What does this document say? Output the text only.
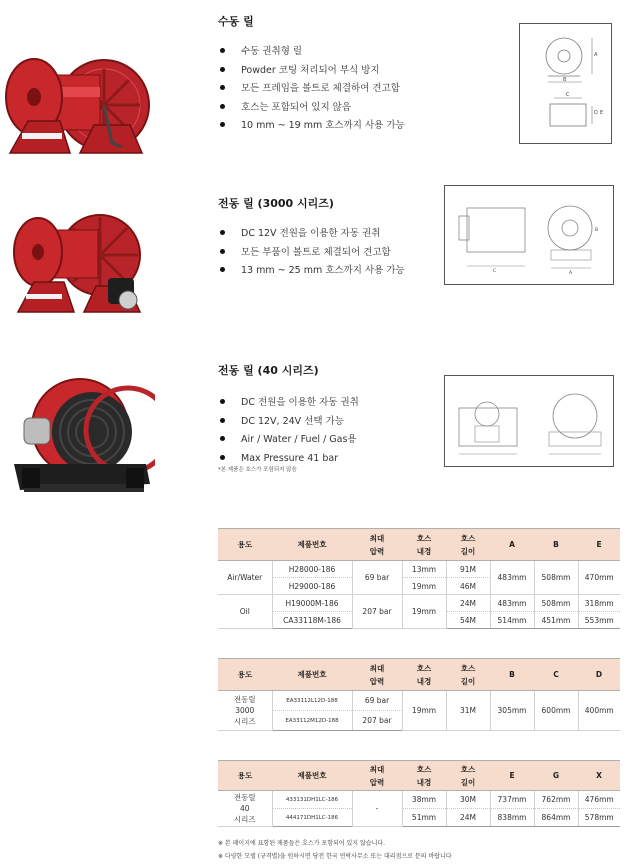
수동 릴
수동 권취형 릴
Powder 코팅 처리되어 부식 방지
모든 프레임을 볼트로 체결하여 견고함
호스는 포함되어 있지 않음
10 mm ~ 19 mm 호스까지 사용 가능
A
B
C
D E
전동 릴 (3000 시리즈)
DC 12V 전원을 이용한 자동 권취
모든 부품이 볼트로 체결되어 견고함
13 mm ~ 25 mm 호스까지 사용 가능	C
B
A
전동 릴 (40 시리즈)
DC 전원을 이용한 자동 권취
DC 12V, 24V 선택 가능
Air / Water / Fuel / Gas용
Max Pressure 41 bar
*본 제품은 호스가 포함되지 않음
용도	제품번호	최대
압력	호스
내경	호스
길이	A	B	E
Air/Water	H28000-186	69 bar	13mm	91M	483mm	508mm	470mm
	H29000-186		19mm	46M			
Oil	H19000M-186	207 bar	19mm	24M	483mm	508mm	318mm
	CA33118M-186			54M	514mm	451mm	553mm
용도	제품번호	최대
압력	호스
내경	호스
길이	B	C	D
전동릴
3000
시리즈	EA33112L12D-188	69 bar	19mm	31M	305mm	600mm	400mm
	EA33112M12D-188	207 bar					
용도	제품번호	최대
압력	호스
내경	호스
길이	E	G	X
전동릴
40
시리즈	433131DH1LC-186	-	38mm	30M	737mm	762mm	476mm
	444171DH1LC-186		51mm	24M	838mm	864mm	578mm
※ 본 페이지에 표함된 제품들은 호스가 포함되어 있지 않습니다.
※ 다양한 모델 (규격별)을 원하시면 당전 한국 연락사무소 또는 대리점으로 문의 바랍니다
